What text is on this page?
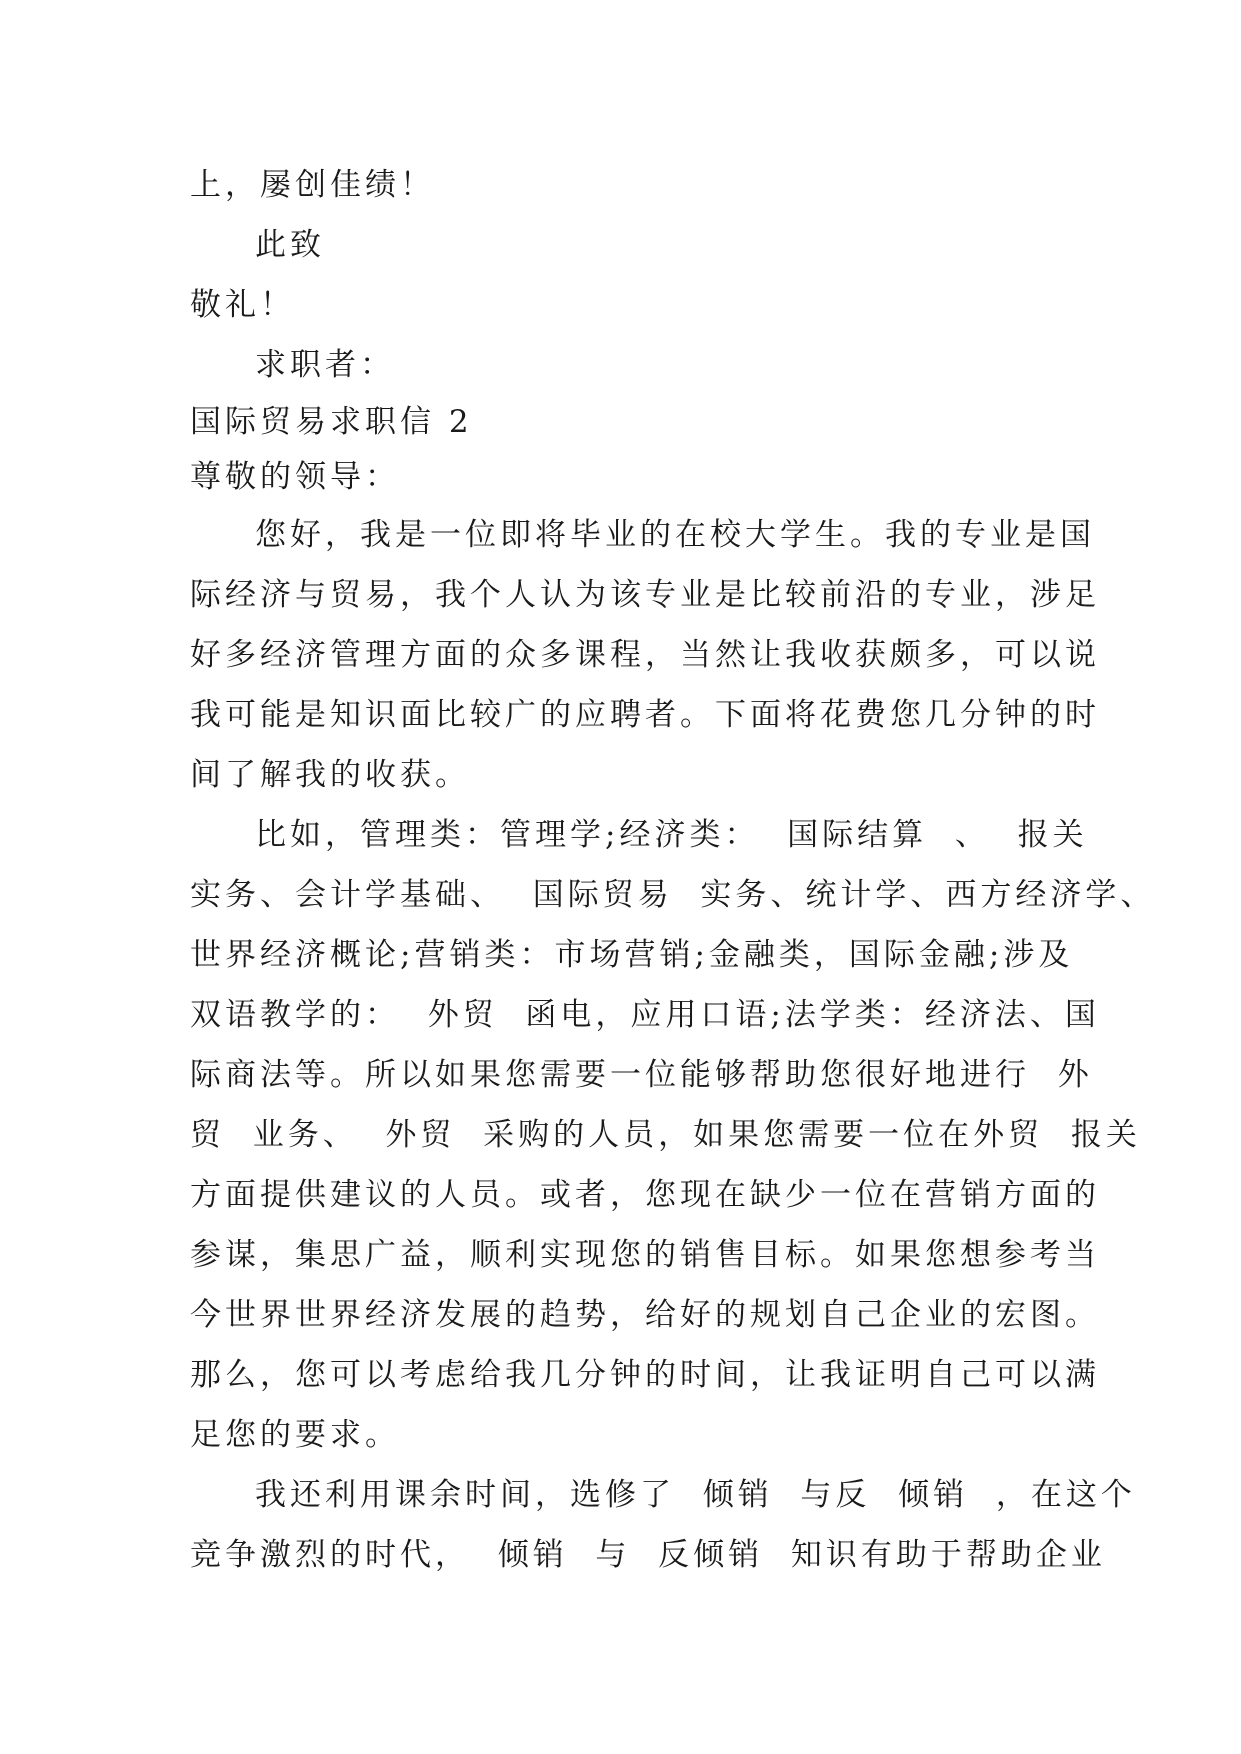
上，屡创佳绩！
此致
敬礼！
求职者：
国际贸易求职信 2
尊敬的领导：
您好，我是一位即将毕业的在校大学生。我的专业是国
际经济与贸易，我个人认为该专业是比较前沿的专业，涉足
好多经济管理方面的众多课程，当然让我收获颇多，可以说
我可能是知识面比较广的应聘者。下面将花费您几分钟的时
间了解我的收获。
比如，管理类：管理学;经济类：  国际结算  、  报关
实务、会计学基础、  国际贸易  实务、统计学、西方经济学、
世界经济概论;营销类：市场营销;金融类，国际金融;涉及
双语教学的：  外贸  函电，应用口语;法学类：经济法、国
际商法等。所以如果您需要一位能够帮助您很好地进行  外
贸  业务、  外贸  采购的人员，如果您需要一位在外贸  报关
方面提供建议的人员。或者，您现在缺少一位在营销方面的
参谋，集思广益，顺利实现您的销售目标。如果您想参考当
今世界世界经济发展的趋势，给好的规划自己企业的宏图。
那么，您可以考虑给我几分钟的时间，让我证明自己可以满
足您的要求。
我还利用课余时间，选修了  倾销  与反  倾销  ，在这个
竞争激烈的时代，  倾销  与  反倾销  知识有助于帮助企业
